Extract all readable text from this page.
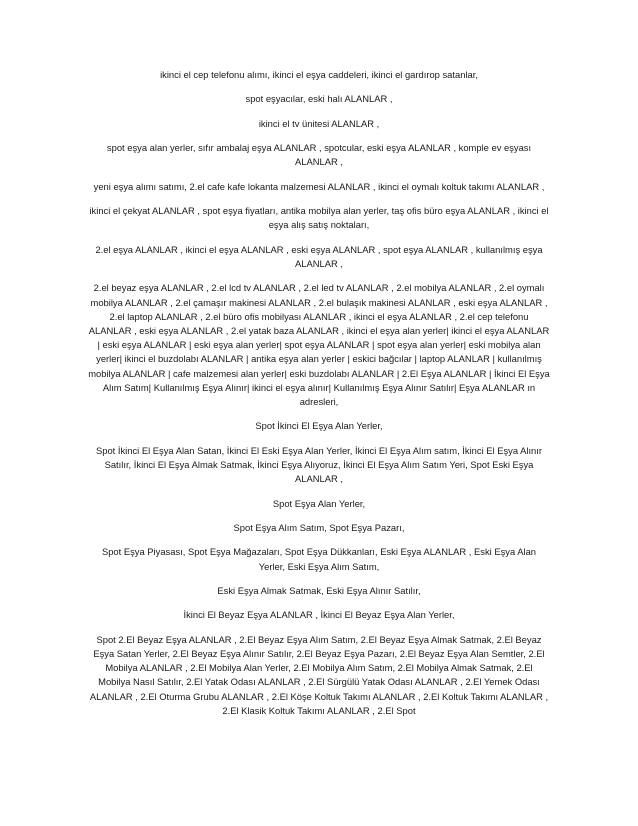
ikinci el cep telefonu alımı, ikinci el eşya caddeleri, ikinci el gardırop satanlar,

spot eşyacılar, eski halı ALANLAR ,

ikinci el tv ünitesi ALANLAR ,

spot eşya alan yerler, sıfır ambalaj eşya ALANLAR , spotcular, eski eşya ALANLAR , komple ev eşyası ALANLAR ,

yeni eşya alımı satımı, 2.el cafe kafe lokanta malzemesi ALANLAR , ikinci el oymalı koltuk takımı ALANLAR ,

ikinci el çekyat ALANLAR , spot eşya fiyatları, antika mobilya alan yerler, taş ofis büro eşya ALANLAR , ikinci el eşya alış satış noktaları,

2.el eşya ALANLAR , ikinci el eşya ALANLAR , eski eşya ALANLAR , spot eşya ALANLAR , kullanılmış eşya ALANLAR ,

2.el beyaz eşya ALANLAR , 2.el lcd tv ALANLAR , 2.el led tv ALANLAR , 2.el mobilya ALANLAR , 2.el oymalı mobilya ALANLAR , 2.el çamaşır makinesi ALANLAR , 2.el bulaşık makinesi ALANLAR , eski eşya ALANLAR , 2.el laptop ALANLAR , 2.el büro ofis mobilyası ALANLAR , ikinci el eşya ALANLAR , 2.el cep telefonu ALANLAR , eski eşya ALANLAR , 2.el yatak baza ALANLAR , ikinci el eşya alan yerler| ikinci el eşya ALANLAR | eski eşya ALANLAR | eski eşya alan yerler| spot eşya ALANLAR | spot eşya alan yerler| eski mobilya alan yerler| ikinci el buzdolabı ALANLAR | antika eşya alan yerler | eskici bağcılar | laptop ALANLAR | kullanılmış mobilya ALANLAR | cafe malzemesi alan yerler| eski buzdolabı ALANLAR | 2.El Eşya ALANLAR | İkinci El Eşya Alım Satım| Kullanılmış Eşya Alınır| ikinci el eşya alınır| Kullanılmış Eşya Alınır Satılır| Eşya ALANLAR ın adresleri,

Spot İkinci El Eşya Alan Yerler,

Spot İkinci El Eşya Alan Satan, İkinci El Eski Eşya Alan Yerler, İkinci El Eşya Alım satım, İkinci El Eşya Alınır Satılır, İkinci El Eşya Almak Satmak, İkinci Eşya Alıyoruz, İkinci El Eşya Alım Satım Yeri, Spot Eski Eşya ALANLAR ,

Spot Eşya Alan Yerler,

Spot Eşya Alım Satım, Spot Eşya Pazarı,

Spot Eşya Piyasası, Spot Eşya Mağazaları, Spot Eşya Dükkanları, Eski Eşya ALANLAR , Eski Eşya Alan Yerler, Eski Eşya Alım Satım,

Eski Eşya Almak Satmak, Eski Eşya Alınır Satılır,

İkinci El Beyaz Eşya ALANLAR , İkinci El Beyaz Eşya Alan Yerler,

Spot 2.El Beyaz Eşya ALANLAR , 2.El Beyaz Eşya Alım Satım, 2.El Beyaz Eşya Almak Satmak, 2.El Beyaz Eşya Satan Yerler, 2.El Beyaz Eşya Alınır Satılır, 2.El Beyaz Eşya Pazarı, 2.El Beyaz Eşya Alan Semtler, 2.El Mobilya ALANLAR , 2.El Mobilya Alan Yerler, 2.El Mobilya Alım Satım, 2.El Mobilya Almak Satmak, 2.El Mobilya Nasıl Satılır, 2.El Yatak Odası ALANLAR , 2.El Sürgülü Yatak Odası ALANLAR , 2.El Yemek Odası ALANLAR , 2.El Oturma Grubu ALANLAR , 2.El Köşe Koltuk Takımı ALANLAR , 2.El Koltuk Takımı ALANLAR , 2.El Klasik Koltuk Takımı ALANLAR , 2.El Spot
